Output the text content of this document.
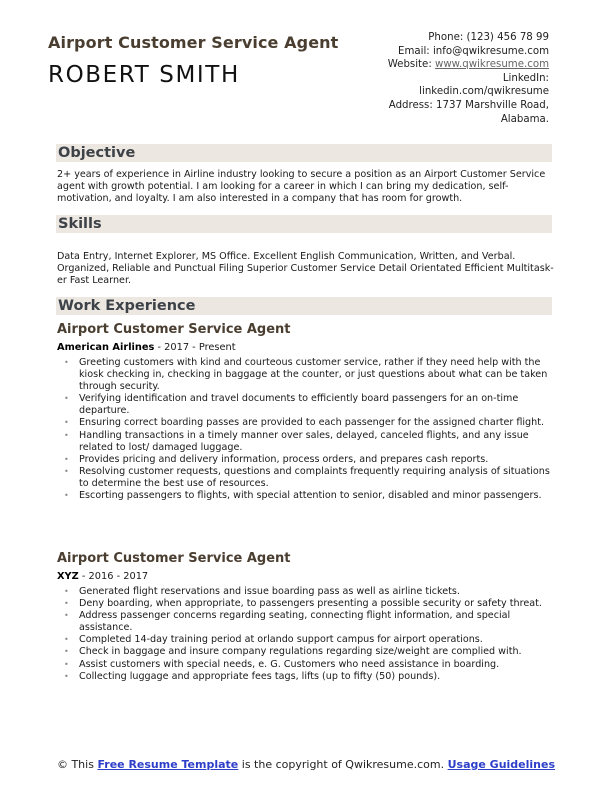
Airport Customer Service Agent
ROBERT SMITH
Phone: (123) 456 78 99
Email: info@qwikresume.com
Website: www.qwikresume.com
LinkedIn:
linkedin.com/qwikresume
Address: 1737 Marshville Road,
Alabama.
Objective
2+ years of experience in Airline industry looking to secure a position as an Airport Customer Service agent with growth potential. I am looking for a career in which I can bring my dedication, self-motivation, and loyalty. I am also interested in a company that has room for growth.
Skills
Data Entry, Internet Explorer, MS Office. Excellent English Communication, Written, and Verbal. Organized, Reliable and Punctual Filing Superior Customer Service Detail Orientated Efficient Multitask-er Fast Learner.
Work Experience
Airport Customer Service Agent
American Airlines - 2017 - Present
• Greeting customers with kind and courteous customer service, rather if they need help with the kiosk checking in, checking in baggage at the counter, or just questions about what can be taken through security.
• Verifying identification and travel documents to efficiently board passengers for an on-time departure.
• Ensuring correct boarding passes are provided to each passenger for the assigned charter flight.
• Handling transactions in a timely manner over sales, delayed, canceled flights, and any issue related to lost/ damaged luggage.
• Provides pricing and delivery information, process orders, and prepares cash reports.
• Resolving customer requests, questions and complaints frequently requiring analysis of situations to determine the best use of resources.
• Escorting passengers to flights, with special attention to senior, disabled and minor passengers.
Airport Customer Service Agent
XYZ - 2016 - 2017
• Generated flight reservations and issue boarding pass as well as airline tickets.
• Deny boarding, when appropriate, to passengers presenting a possible security or safety threat.
• Address passenger concerns regarding seating, connecting flight information, and special assistance.
• Completed 14-day training period at orlando support campus for airport operations.
• Check in baggage and insure company regulations regarding size/weight are complied with.
• Assist customers with special needs, e. G. Customers who need assistance in boarding.
• Collecting luggage and appropriate fees tags, lifts (up to fifty (50) pounds).
© This Free Resume Template is the copyright of Qwikresume.com. Usage Guidelines
